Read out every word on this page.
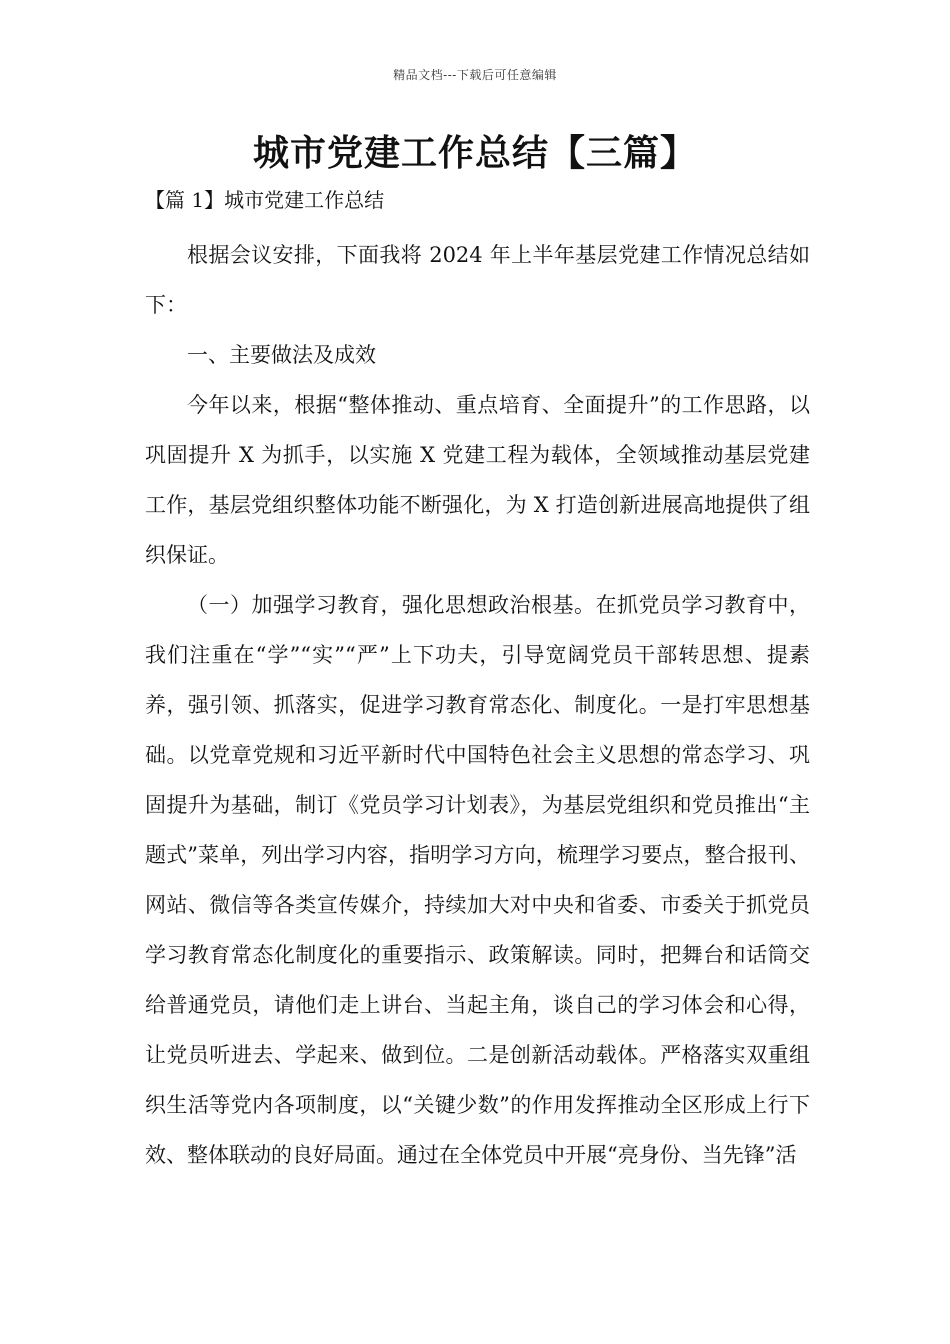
精品文档---下载后可任意编辑
城市党建工作总结【三篇】
【篇 1】城市党建工作总结

根据会议安排，下面我将 2024 年上半年基层党建工作情况总结如下：

一、主要做法及成效

今年以来，根据“整体推动、重点培育、全面提升”的工作思路，以巩固提升 X 为抓手，以实施 X 党建工程为载体，全领域推动基层党建工作，基层党组织整体功能不断强化，为 X 打造创新进展高地提供了组织保证。

（一）加强学习教育，强化思想政治根基。在抓党员学习教育中，我们注重在“学”“实”“严”上下功夫，引导宽阔党员干部转思想、提素养，强引领、抓落实，促进学习教育常态化、制度化。一是打牢思想基础。以党章党规和习近平新时代中国特色社会主义思想的常态学习、巩固提升为基础，制订《党员学习计划表》，为基层党组织和党员推出“主题式”菜单，列出学习内容，指明学习方向，梳理学习要点，整合报刊、网站、微信等各类宣传媒介，持续加大对中央和省委、市委关于抓党员学习教育常态化制度化的重要指示、政策解读。同时，把舞台和话筒交给普通党员，请他们走上讲台、当起主角，谈自己的学习体会和心得，让党员听进去、学起来、做到位。二是创新活动载体。严格落实双重组织生活等党内各项制度，以“关键少数”的作用发挥推动全区形成上行下效、整体联动的良好局面。通过在全体党员中开展“亮身份、当先锋”活
